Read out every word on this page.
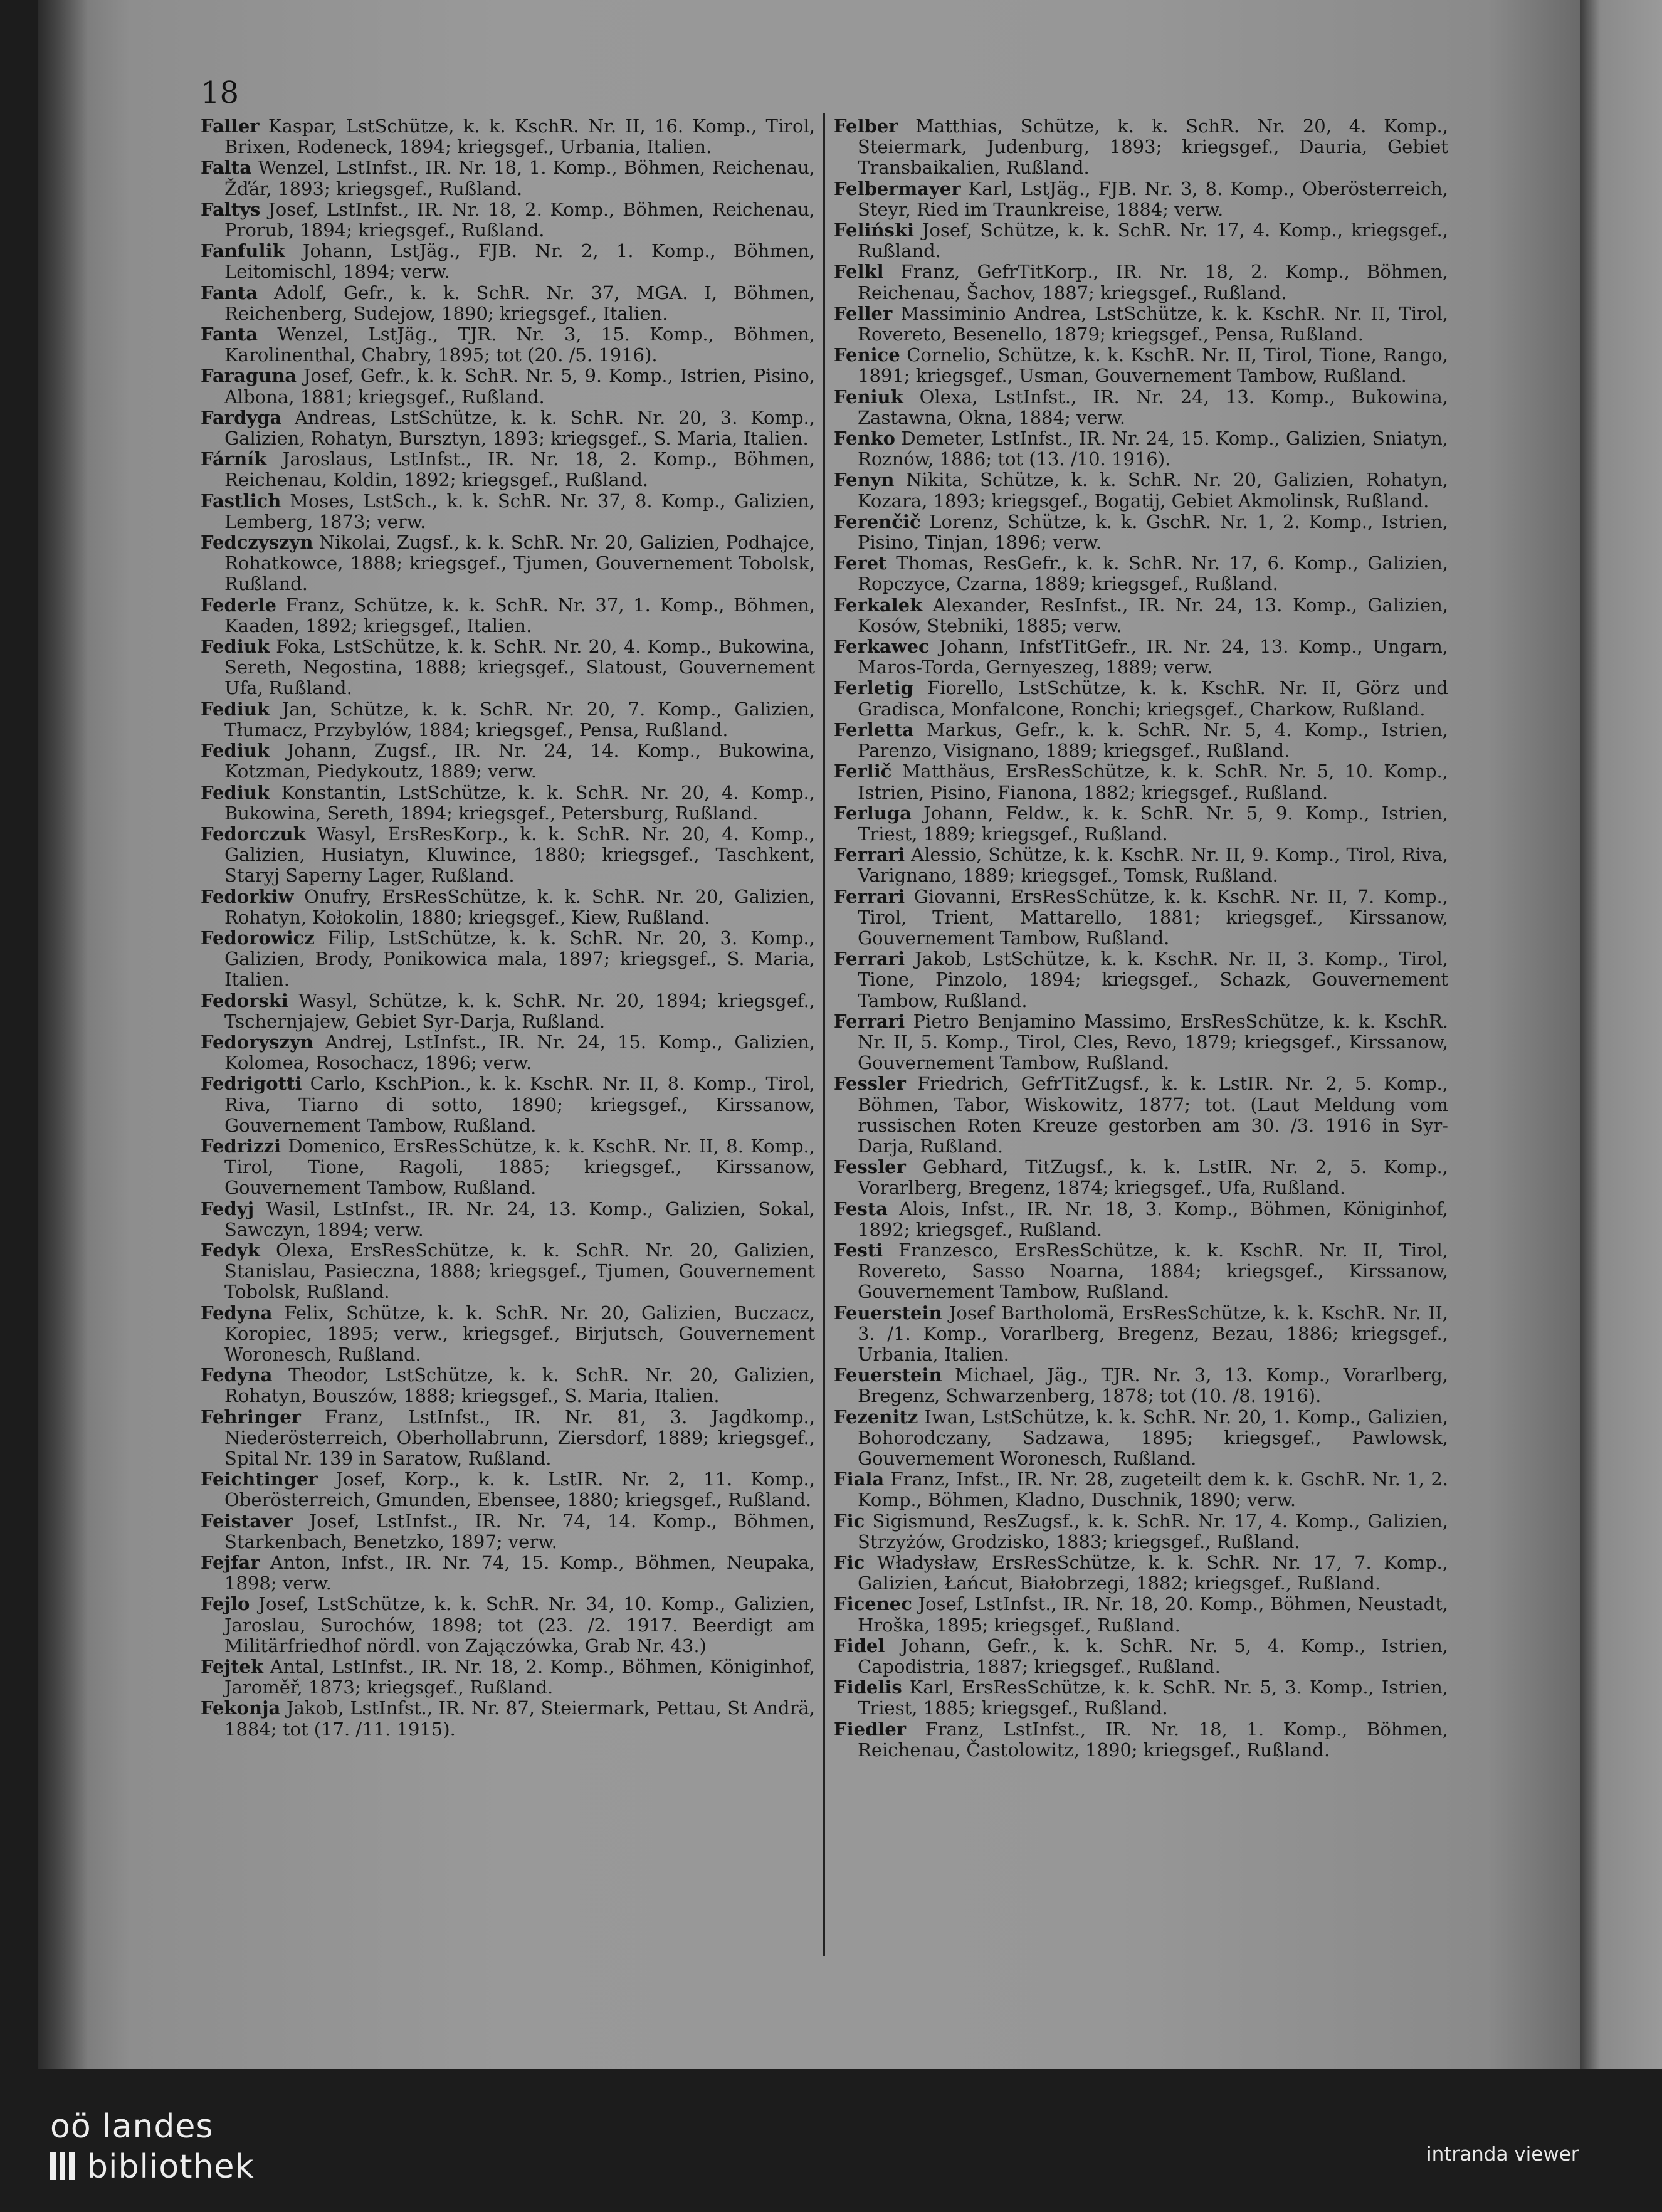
18

Faller Kaspar, LstSchütze, k. k. KschR. Nr. II, 16. Komp., Tirol, Brixen, Rodeneck, 1894; kriegsgef., Urbania, Italien.

Falta Wenzel, LstInfst., IR. Nr. 18, 1. Komp., Böhmen, Reichenau, Žďár, 1893; kriegsgef., Rußland.

Faltys Josef, LstInfst., IR. Nr. 18, 2. Komp., Böhmen, Reichenau, Prorub, 1894; kriegsgef., Rußland.

Fanfulik Johann, LstJäg., FJB. Nr. 2, 1. Komp., Böhmen, Leitomischl, 1894; verw.

Fanta Adolf, Gefr., k. k. SchR. Nr. 37, MGA. I, Böhmen, Reichenberg, Sudejow, 1890; kriegsgef., Italien.

Fanta Wenzel, LstJäg., TJR. Nr. 3, 15. Komp., Böhmen, Karolinenthal, Chabry, 1895; tot (20. /5. 1916).

Faraguna Josef, Gefr., k. k. SchR. Nr. 5, 9. Komp., Istrien, Pisino, Albona, 1881; kriegsgef., Rußland.

Fardyga Andreas, LstSchütze, k. k. SchR. Nr. 20, 3. Komp., Galizien, Rohatyn, Bursztyn, 1893; kriegsgef., S. Maria, Italien.

Fárník Jaroslaus, LstInfst., IR. Nr. 18, 2. Komp., Böhmen, Reichenau, Koldin, 1892; kriegsgef., Rußland.

Fastlich Moses, LstSch., k. k. SchR. Nr. 37, 8. Komp., Galizien, Lemberg, 1873; verw.

Fedczyszyn Nikolai, Zugsf., k. k. SchR. Nr. 20, Galizien, Podhajce, Rohatkowce, 1888; kriegsgef., Tjumen, Gouvernement Tobolsk, Rußland.

Federle Franz, Schütze, k. k. SchR. Nr. 37, 1. Komp., Böhmen, Kaaden, 1892; kriegsgef., Italien.

Fediuk Foka, LstSchütze, k. k. SchR. Nr. 20, 4. Komp., Bukowina, Sereth, Negostina, 1888; kriegsgef., Slatoust, Gouvernement Ufa, Rußland.

Fediuk Jan, Schütze, k. k. SchR. Nr. 20, 7. Komp., Galizien, Tłumacz, Przybylów, 1884; kriegsgef., Pensa, Rußland.

Fediuk Johann, Zugsf., IR. Nr. 24, 14. Komp., Bukowina, Kotzman, Piedykoutz, 1889; verw.

Fediuk Konstantin, LstSchütze, k. k. SchR. Nr. 20, 4. Komp., Bukowina, Sereth, 1894; kriegsgef., Petersburg, Rußland.

Fedorczuk Wasyl, ErsResKorp., k. k. SchR. Nr. 20, 4. Komp., Galizien, Husiatyn, Kluwince, 1880; kriegsgef., Taschkent, Staryj Saperny Lager, Rußland.

Fedorkiw Onufry, ErsResSchütze, k. k. SchR. Nr. 20, Galizien, Rohatyn, Kołokolin, 1880; kriegsgef., Kiew, Rußland.

Fedorowicz Filip, LstSchütze, k. k. SchR. Nr. 20, 3. Komp., Galizien, Brody, Ponikowica mala, 1897; kriegsgef., S. Maria, Italien.

Fedorski Wasyl, Schütze, k. k. SchR. Nr. 20, 1894; kriegsgef., Tschernjajew, Gebiet Syr-Darja, Rußland.

Fedoryszyn Andrej, LstInfst., IR. Nr. 24, 15. Komp., Galizien, Kolomea, Rosochacz, 1896; verw.

Fedrigotti Carlo, KschPion., k. k. KschR. Nr. II, 8. Komp., Tirol, Riva, Tiarno di sotto, 1890; kriegsgef., Kirssanow, Gouvernement Tambow, Rußland.

Fedrizzi Domenico, ErsResSchütze, k. k. KschR. Nr. II, 8. Komp., Tirol, Tione, Ragoli, 1885; kriegsgef., Kirssanow, Gouvernement Tambow, Rußland.

Fedyj Wasil, LstInfst., IR. Nr. 24, 13. Komp., Galizien, Sokal, Sawczyn, 1894; verw.

Fedyk Olexa, ErsResSchütze, k. k. SchR. Nr. 20, Galizien, Stanislau, Pasieczna, 1888; kriegsgef., Tjumen, Gouvernement Tobolsk, Rußland.

Fedyna Felix, Schütze, k. k. SchR. Nr. 20, Galizien, Buczacz, Koropiec, 1895; verw., kriegsgef., Birjutsch, Gouvernement Woronesch, Rußland.

Fedyna Theodor, LstSchütze, k. k. SchR. Nr. 20, Galizien, Rohatyn, Bouszów, 1888; kriegsgef., S. Maria, Italien.

Fehringer Franz, LstInfst., IR. Nr. 81, 3. Jagdkomp., Niederösterreich, Oberhollabrunn, Ziersdorf, 1889; kriegsgef., Spital Nr. 139 in Saratow, Rußland.

Feichtinger Josef, Korp., k. k. LstIR. Nr. 2, 11. Komp., Oberösterreich, Gmunden, Ebensee, 1880; kriegsgef., Rußland.

Feistaver Josef, LstInfst., IR. Nr. 74, 14. Komp., Böhmen, Starkenbach, Benetzko, 1897; verw.

Fejfar Anton, Infst., IR. Nr. 74, 15. Komp., Böhmen, Neupaka, 1898; verw.

Fejlo Josef, LstSchütze, k. k. SchR. Nr. 34, 10. Komp., Galizien, Jaroslau, Surochów, 1898; tot (23. /2. 1917. Beerdigt am Militärfriedhof nördl. von Zajączówka, Grab Nr. 43.)

Fejtek Antal, LstInfst., IR. Nr. 18, 2. Komp., Böhmen, Königinhof, Jaroměř, 1873; kriegsgef., Rußland.

Fekonja Jakob, LstInfst., IR. Nr. 87, Steiermark, Pettau, St Andrä, 1884; tot (17. /11. 1915).

Felber Matthias, Schütze, k. k. SchR. Nr. 20, 4. Komp., Steiermark, Judenburg, 1893; kriegsgef., Dauria, Gebiet Transbaikalien, Rußland.

Felbermayer Karl, LstJäg., FJB. Nr. 3, 8. Komp., Oberösterreich, Steyr, Ried im Traunkreise, 1884; verw.

Feliński Josef, Schütze, k. k. SchR. Nr. 17, 4. Komp., kriegsgef., Rußland.

Felkl Franz, GefrTitKorp., IR. Nr. 18, 2. Komp., Böhmen, Reichenau, Šachov, 1887; kriegsgef., Rußland.

Feller Massiminio Andrea, LstSchütze, k. k. KschR. Nr. II, Tirol, Rovereto, Besenello, 1879; kriegsgef., Pensa, Rußland.

Fenice Cornelio, Schütze, k. k. KschR. Nr. II, Tirol, Tione, Rango, 1891; kriegsgef., Usman, Gouvernement Tambow, Rußland.

Feniuk Olexa, LstInfst., IR. Nr. 24, 13. Komp., Bukowina, Zastawna, Okna, 1884; verw.

Fenko Demeter, LstInfst., IR. Nr. 24, 15. Komp., Galizien, Sniatyn, Roznów, 1886; tot (13. /10. 1916).

Fenyn Nikita, Schütze, k. k. SchR. Nr. 20, Galizien, Rohatyn, Kozara, 1893; kriegsgef., Bogatij, Gebiet Akmolinsk, Rußland.

Ferenčič Lorenz, Schütze, k. k. GschR. Nr. 1, 2. Komp., Istrien, Pisino, Tinjan, 1896; verw.

Feret Thomas, ResGefr., k. k. SchR. Nr. 17, 6. Komp., Galizien, Ropczyce, Czarna, 1889; kriegsgef., Rußland.

Ferkalek Alexander, ResInfst., IR. Nr. 24, 13. Komp., Galizien, Kosów, Stebniki, 1885; verw.

Ferkawec Johann, InfstTitGefr., IR. Nr. 24, 13. Komp., Ungarn, Maros-Torda, Gernyeszeg, 1889; verw.

Ferletig Fiorello, LstSchütze, k. k. KschR. Nr. II, Görz und Gradisca, Monfalcone, Ronchi; kriegsgef., Charkow, Rußland.

Ferletta Markus, Gefr., k. k. SchR. Nr. 5, 4. Komp., Istrien, Parenzo, Visignano, 1889; kriegsgef., Rußland.

Ferlič Matthäus, ErsResSchütze, k. k. SchR. Nr. 5, 10. Komp., Istrien, Pisino, Fianona, 1882; kriegsgef., Rußland.

Ferluga Johann, Feldw., k. k. SchR. Nr. 5, 9. Komp., Istrien, Triest, 1889; kriegsgef., Rußland.

Ferrari Alessio, Schütze, k. k. KschR. Nr. II, 9. Komp., Tirol, Riva, Varignano, 1889; kriegsgef., Tomsk, Rußland.

Ferrari Giovanni, ErsResSchütze, k. k. KschR. Nr. II, 7. Komp., Tirol, Trient, Mattarello, 1881; kriegsgef., Kirssanow, Gouvernement Tambow, Rußland.

Ferrari Jakob, LstSchütze, k. k. KschR. Nr. II, 3. Komp., Tirol, Tione, Pinzolo, 1894; kriegsgef., Schazk, Gouvernement Tambow, Rußland.

Ferrari Pietro Benjamino Massimo, ErsResSchütze, k. k. KschR. Nr. II, 5. Komp., Tirol, Cles, Revo, 1879; kriegsgef., Kirssanow, Gouvernement Tambow, Rußland.

Fessler Friedrich, GefrTitZugsf., k. k. LstIR. Nr. 2, 5. Komp., Böhmen, Tabor, Wiskowitz, 1877; tot. (Laut Meldung vom russischen Roten Kreuze gestorben am 30. /3. 1916 in Syr-Darja, Rußland.

Fessler Gebhard, TitZugsf., k. k. LstIR. Nr. 2, 5. Komp., Vorarlberg, Bregenz, 1874; kriegsgef., Ufa, Rußland.

Festa Alois, Infst., IR. Nr. 18, 3. Komp., Böhmen, Königinhof, 1892; kriegsgef., Rußland.

Festi Franzesco, ErsResSchütze, k. k. KschR. Nr. II, Tirol, Rovereto, Sasso Noarna, 1884; kriegsgef., Kirssanow, Gouvernement Tambow, Rußland.

Feuerstein Josef Bartholomä, ErsResSchütze, k. k. KschR. Nr. II, 3. /1. Komp., Vorarlberg, Bregenz, Bezau, 1886; kriegsgef., Urbania, Italien.

Feuerstein Michael, Jäg., TJR. Nr. 3, 13. Komp., Vorarlberg, Bregenz, Schwarzenberg, 1878; tot (10. /8. 1916).

Fezenitz Iwan, LstSchütze, k. k. SchR. Nr. 20, 1. Komp., Galizien, Bohorodczany, Sadzawa, 1895; kriegsgef., Pawlowsk, Gouvernement Woronesch, Rußland.

Fiala Franz, Infst., IR. Nr. 28, zugeteilt dem k. k. GschR. Nr. 1, 2. Komp., Böhmen, Kladno, Duschnik, 1890; verw.

Fic Sigismund, ResZugsf., k. k. SchR. Nr. 17, 4. Komp., Galizien, Strzyżów, Grodzisko, 1883; kriegsgef., Rußland.

Fic Władysław, ErsResSchütze, k. k. SchR. Nr. 17, 7. Komp., Galizien, Łańcut, Białobrzegi, 1882; kriegsgef., Rußland.

Ficenec Josef, LstInfst., IR. Nr. 18, 20. Komp., Böhmen, Neustadt, Hroška, 1895; kriegsgef., Rußland.

Fidel Johann, Gefr., k. k. SchR. Nr. 5, 4. Komp., Istrien, Capodistria, 1887; kriegsgef., Rußland.

Fidelis Karl, ErsResSchütze, k. k. SchR. Nr. 5, 3. Komp., Istrien, Triest, 1885; kriegsgef., Rußland.

Fiedler Franz, LstInfst., IR. Nr. 18, 1. Komp., Böhmen, Reichenau, Častolowitz, 1890; kriegsgef., Rußland.

oö landes
bibliothek	intranda viewer
